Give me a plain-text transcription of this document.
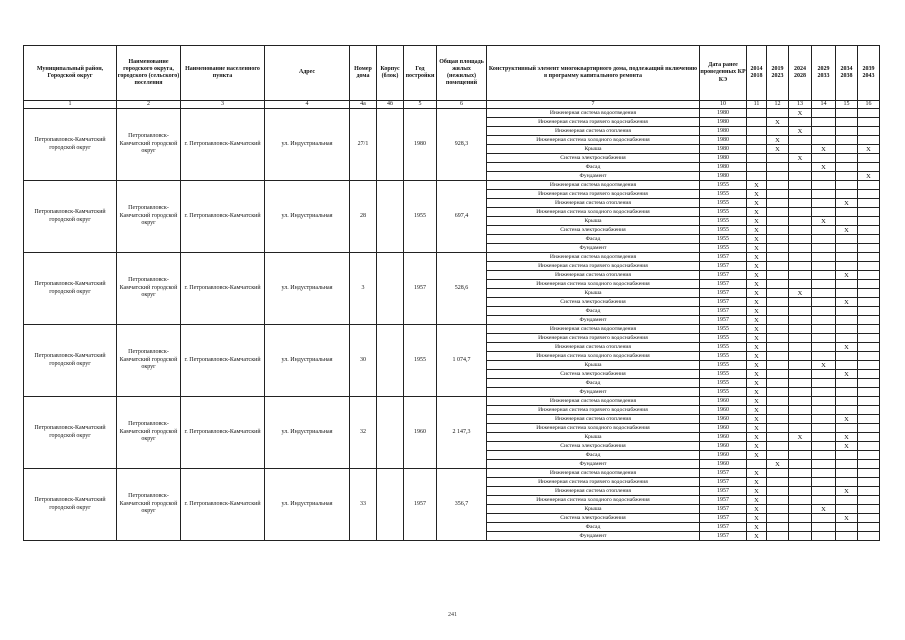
Муниципальный район, Городской округ	Наименование городского округа, городского (сельского) поселения	Наименование населенного пункта	Адрес	Номер дома	Корпус (блок)	Год постройки	Общая площадь жилых (нежилых) помещений	Конструктивный элемент многоквартирного дома, подлежащий включению в программу капитального ремонта	Дата ранее проведенных КР КЭ	2014 2018	2019 2023	2024 2028	2029 2033	2034 2038	2039 2043
1	2	3	4	4а	4б	5	6	7	10	11	12	13	14	15	16
Петропавловск-Камчатский городской округ	Петропавловск-Камчатский городской округ	г. Петропавловск-Камчатский	ул. Индустриальная	27/1		1980	928,3	Инженерная система водоотведения	1980			X			
								Инженерная система горячего водоснабжения	1980		X				
								Инженерная система отопления	1980			X			
								Инженерная система холодного водоснабжения	1980		X				
								Крыша	1980		X		X		X
								Система электроснабжения	1980			X			
								Фасад	1980				X		
								Фундамент	1980						X
Петропавловск-Камчатский городской округ	Петропавловск-Камчатский городской округ	г. Петропавловск-Камчатский	ул. Индустриальная	28		1955	697,4	Инженерная система водоотведения	1955	X					
								Инженерная система горячего водоснабжения	1955	X					
								Инженерная система отопления	1955	X				X	
								Инженерная система холодного водоснабжения	1955	X					
								Крыша	1955	X			X		
								Система электроснабжения	1955	X				X	
								Фасад	1955	X					
								Фундамент	1955	X					
Петропавловск-Камчатский городской округ	Петропавловск-Камчатский городской округ	г. Петропавловск-Камчатский	ул. Индустриальная	3		1957	528,6	Инженерная система водоотведения	1957	X					
								Инженерная система горячего водоснабжения	1957	X					
								Инженерная система отопления	1957	X				X	
								Инженерная система холодного водоснабжения	1957	X					
								Крыша	1957	X		X			
								Система электроснабжения	1957	X				X	
								Фасад	1957	X					
								Фундамент	1957	X					
Петропавловск-Камчатский городской округ	Петропавловск-Камчатский городской округ	г. Петропавловск-Камчатский	ул. Индустриальная	30		1955	1 074,7	Инженерная система водоотведения	1955	X					
								Инженерная система горячего водоснабжения	1955	X					
								Инженерная система отопления	1955	X				X	
								Инженерная система холодного водоснабжения	1955	X					
								Крыша	1955	X			X		
								Система электроснабжения	1955	X				X	
								Фасад	1955	X					
								Фундамент	1955	X					
Петропавловск-Камчатский городской округ	Петропавловск-Камчатский городской округ	г. Петропавловск-Камчатский	ул. Индустриальная	32		1960	2 147,3	Инженерная система водоотведения	1960	X					
								Инженерная система горячего водоснабжения	1960	X					
								Инженерная система отопления	1960	X				X	
								Инженерная система холодного водоснабжения	1960	X					
								Крыша	1960	X		X		X	
								Система электроснабжения	1960	X				X	
								Фасад	1960	X					
								Фундамент	1960		X				
Петропавловск-Камчатский городской округ	Петропавловск-Камчатский городской округ	г. Петропавловск-Камчатский	ул. Индустриальная	33		1957	356,7	Инженерная система водоотведения	1957	X					
								Инженерная система горячего водоснабжения	1957	X					
								Инженерная система отопления	1957	X				X	
								Инженерная система холодного водоснабжения	1957	X					
								Крыша	1957	X			X		
								Система электроснабжения	1957	X				X	
								Фасад	1957	X					
								Фундамент	1957	X					
241
